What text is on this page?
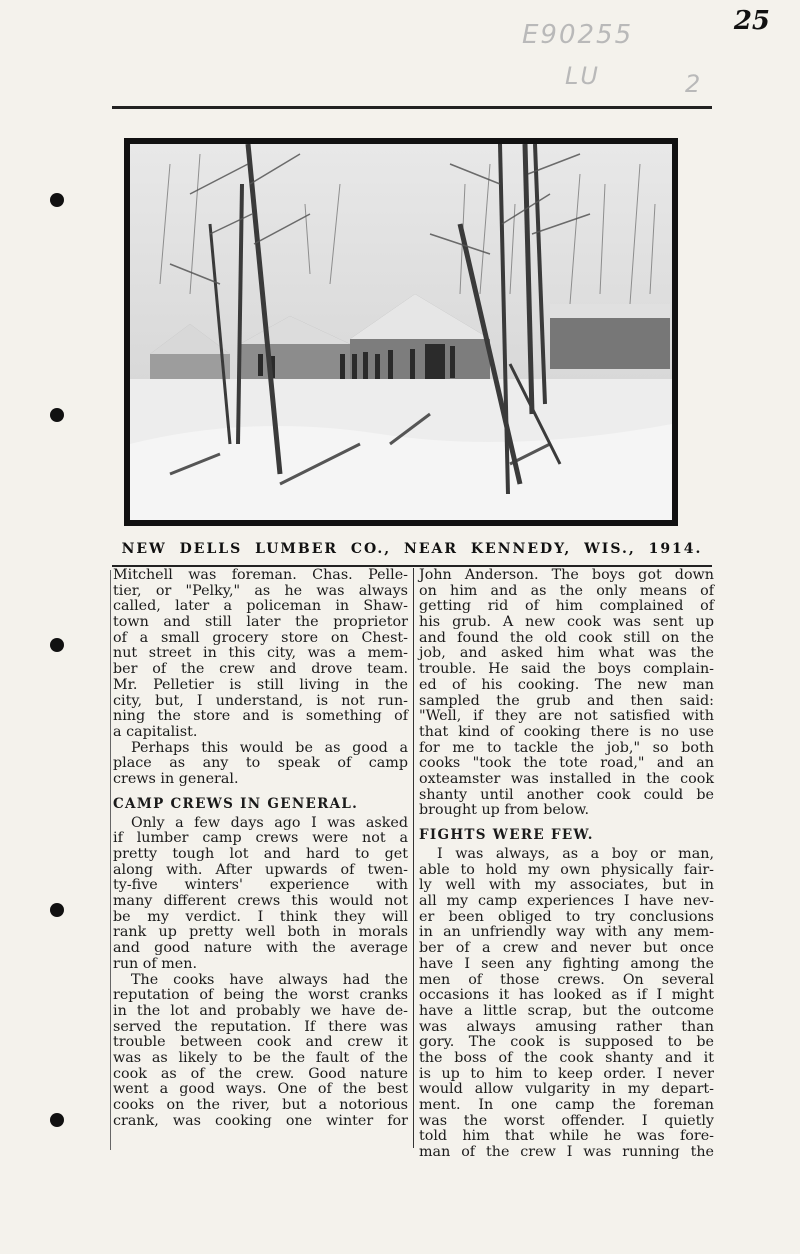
25
E90255
LU	2
NEW DELLS LUMBER CO., NEAR KENNEDY, WIS., 1914.
Mitchell was foreman. Chas. Pelle-
tier, or "Pelky," as he was always
called, later a policeman in Shaw-
town and still later the proprietor
of a small grocery store on Chest-
nut street in this city, was a mem-
ber of the crew and drove team.
Mr. Pelletier is still living in the
city, but, I understand, is not run-
ning the store and is something of
a capitalist.
Perhaps this would be as good a
place as any to speak of camp
crews in general.
CAMP CREWS IN GENERAL.
Only a few days ago I was asked
if lumber camp crews were not a
pretty tough lot and hard to get
along with. After upwards of twen-
ty-five winters' experience with
many different crews this would not
be my verdict. I think they will
rank up pretty well both in morals
and good nature with the average
run of men.
The cooks have always had the
reputation of being the worst cranks
in the lot and probably we have de-
served the reputation. If there was
trouble between cook and crew it
was as likely to be the fault of the
cook as of the crew. Good nature
went a good ways. One of the best
cooks on the river, but a notorious
crank, was cooking one winter for
John Anderson. The boys got down
on him and as the only means of
getting rid of him complained of
his grub. A new cook was sent up
and found the old cook still on the
job, and asked him what was the
trouble. He said the boys complain-
ed of his cooking. The new man
sampled the grub and then said:
"Well, if they are not satisfied with
that kind of cooking there is no use
for me to tackle the job," so both
cooks "took the tote road," and an
oxteamster was installed in the cook
shanty until another cook could be
brought up from below.
FIGHTS WERE FEW.
I was always, as a boy or man,
able to hold my own physically fair-
ly well with my associates, but in
all my camp experiences I have nev-
er been obliged to try conclusions
in an unfriendly way with any mem-
ber of a crew and never but once
have I seen any fighting among the
men of those crews. On several
occasions it has looked as if I might
have a little scrap, but the outcome
was always amusing rather than
gory. The cook is supposed to be
the boss of the cook shanty and it
is up to him to keep order. I never
would allow vulgarity in my depart-
ment. In one camp the foreman
was the worst offender. I quietly
told him that while he was fore-
man of the crew I was running the
